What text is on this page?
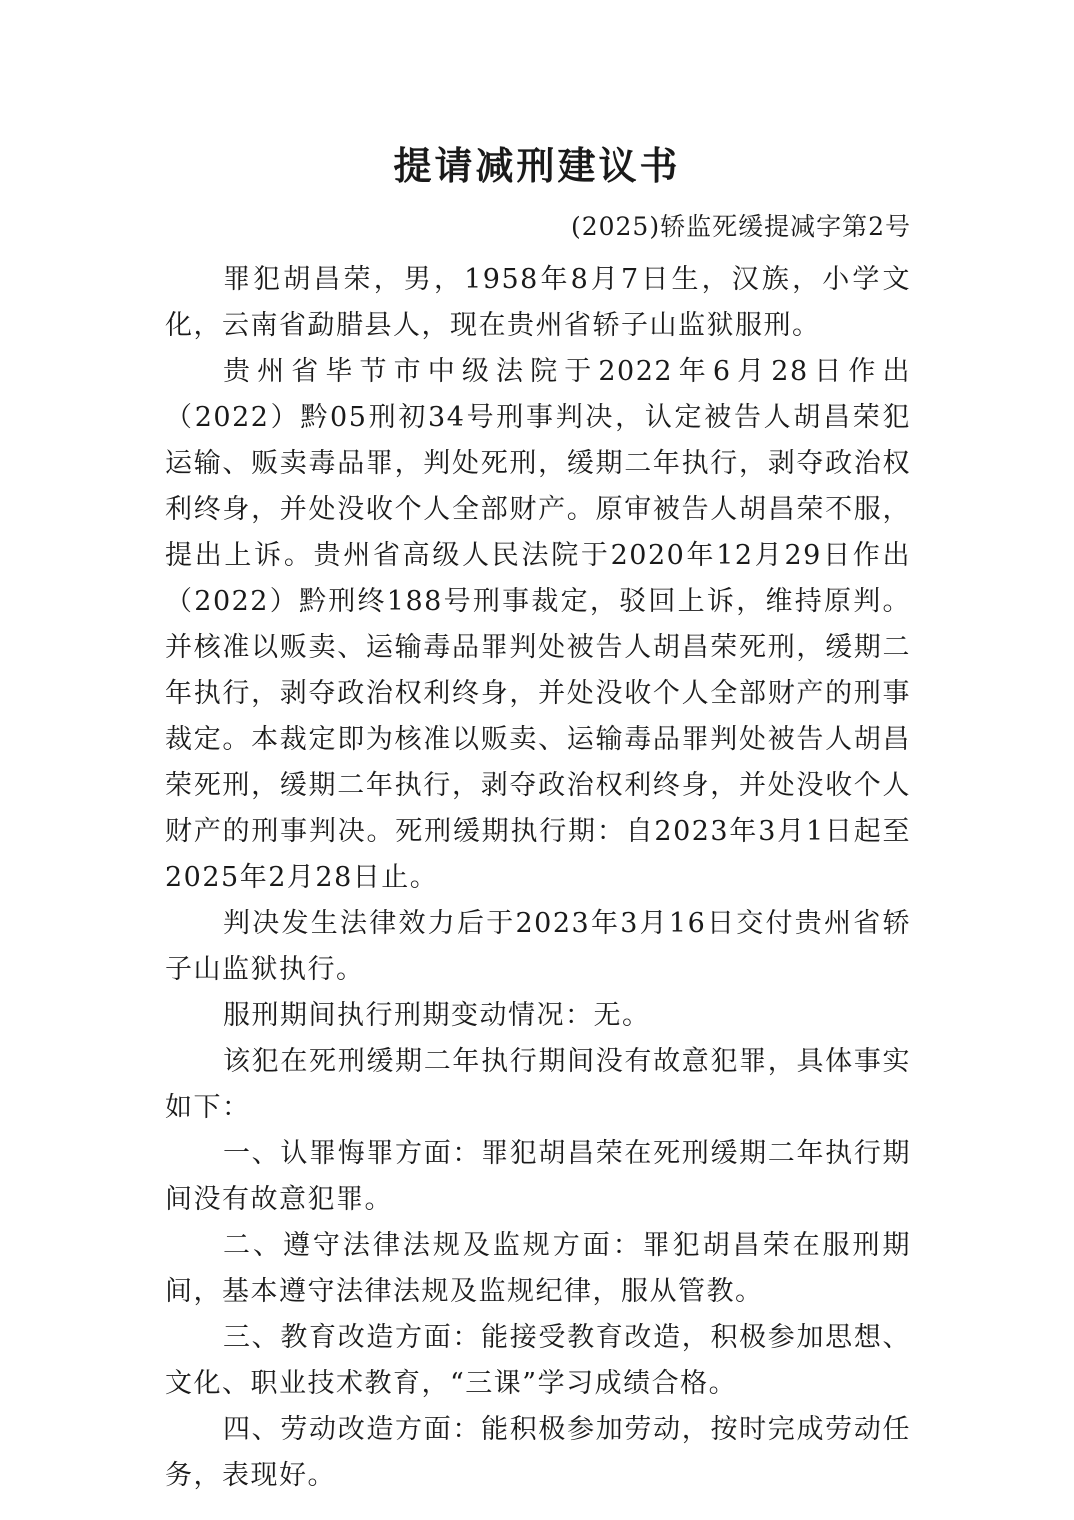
提请减刑建议书
(2025)轿监死缓提减字第2号

罪犯胡昌荣，男，1958年8月7日生，汉族，小学文化，云南省勐腊县人，现在贵州省轿子山监狱服刑。

贵州省毕节市中级法院于2022年6月28日作出（2022）黔05刑初34号刑事判决，认定被告人胡昌荣犯运输、贩卖毒品罪，判处死刑，缓期二年执行，剥夺政治权利终身，并处没收个人全部财产。原审被告人胡昌荣不服，提出上诉。贵州省高级人民法院于2020年12月29日作出（2022）黔刑终188号刑事裁定，驳回上诉，维持原判。并核准以贩卖、运输毒品罪判处被告人胡昌荣死刑，缓期二年执行，剥夺政治权利终身，并处没收个人全部财产的刑事裁定。本裁定即为核准以贩卖、运输毒品罪判处被告人胡昌荣死刑，缓期二年执行，剥夺政治权利终身，并处没收个人财产的刑事判决。死刑缓期执行期：自2023年3月1日起至2025年2月28日止。

判决发生法律效力后于2023年3月16日交付贵州省轿子山监狱执行。

服刑期间执行刑期变动情况：无。

该犯在死刑缓期二年执行期间没有故意犯罪，具体事实如下：

一、认罪悔罪方面：罪犯胡昌荣在死刑缓期二年执行期间没有故意犯罪。

二、遵守法律法规及监规方面：罪犯胡昌荣在服刑期间，基本遵守法律法规及监规纪律，服从管教。

三、教育改造方面：能接受教育改造，积极参加思想、文化、职业技术教育，“三课”学习成绩合格。

四、劳动改造方面：能积极参加劳动，按时完成劳动任务，表现好。
